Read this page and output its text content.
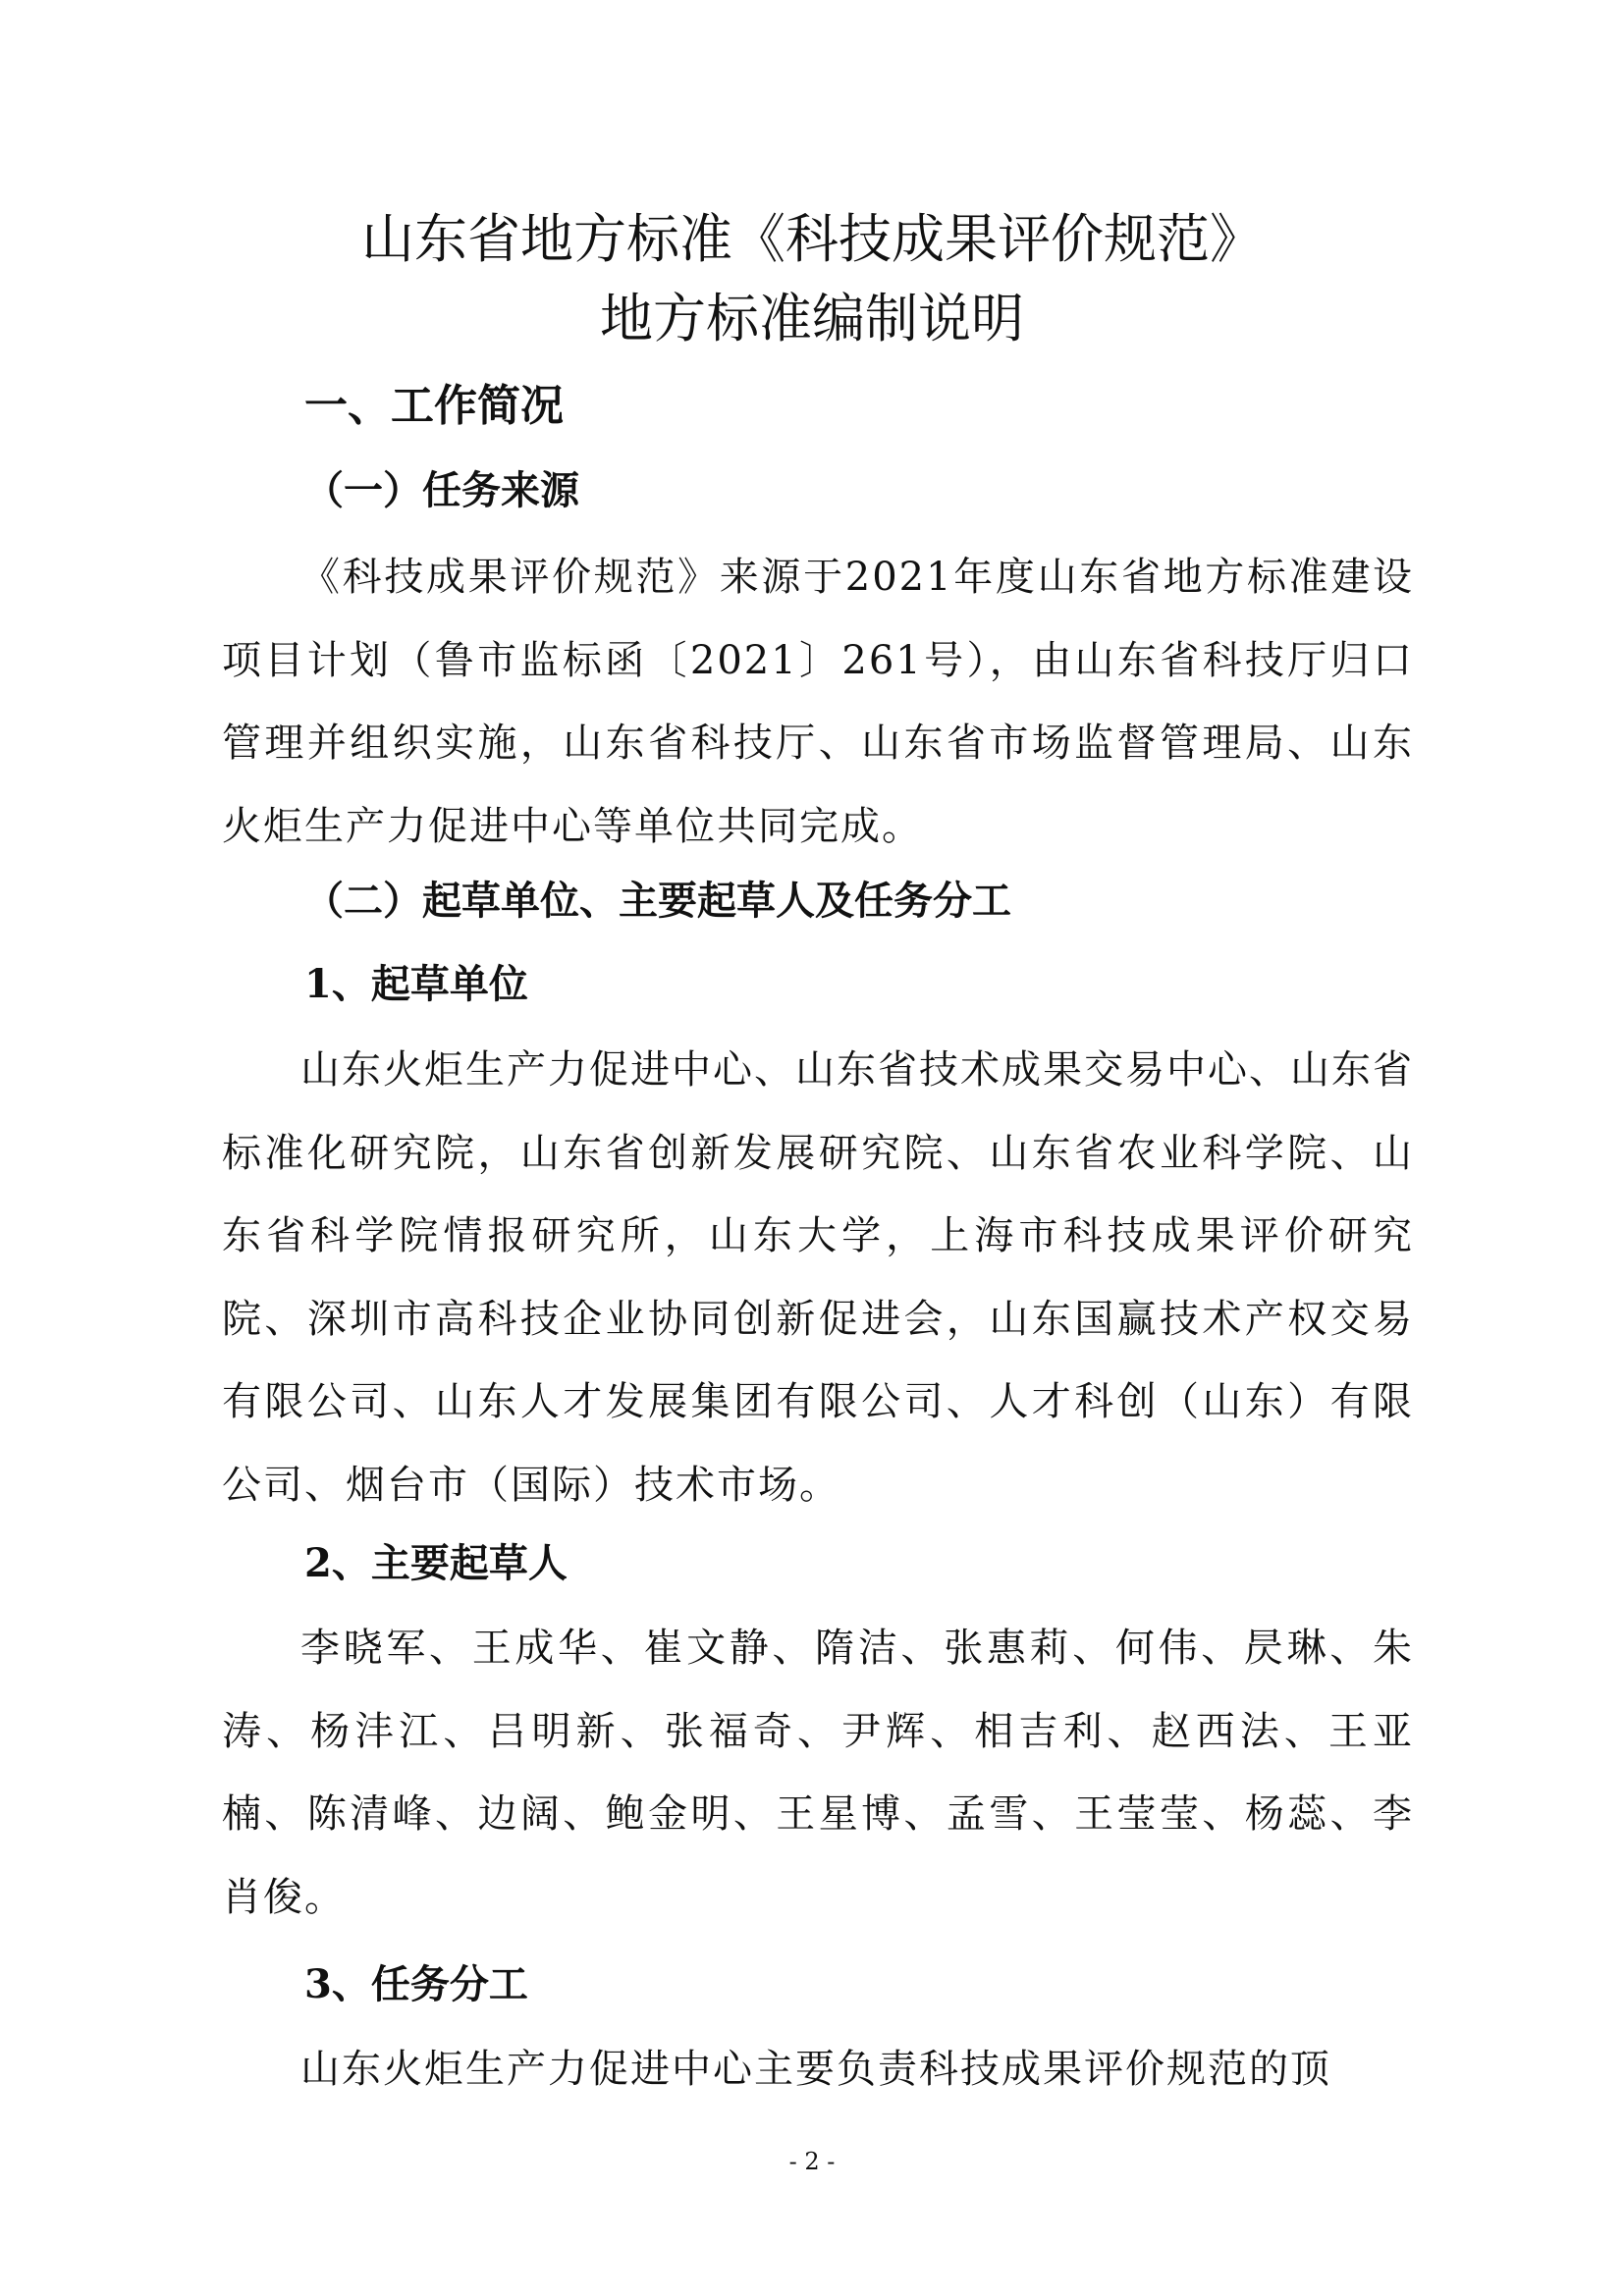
山东省地方标准《科技成果评价规范》
地方标准编制说明
一、工作简况
（一）任务来源

《科技成果评价规范》来源于2021年度山东省地方标准建设项目计划（鲁市监标函〔2021〕261号），由山东省科技厅归口管理并组织实施，山东省科技厅、山东省市场监督管理局、山东火炬生产力促进中心等单位共同完成。

（二）起草单位、主要起草人及任务分工
1、起草单位

山东火炬生产力促进中心、山东省技术成果交易中心、山东省标准化研究院，山东省创新发展研究院、山东省农业科学院、山东省科学院情报研究所，山东大学，上海市科技成果评价研究院、深圳市高科技企业协同创新促进会，山东国赢技术产权交易有限公司、山东人才发展集团有限公司、人才科创（山东）有限公司、烟台市（国际）技术市场。

2、主要起草人

李晓军、王成华、崔文静、隋洁、张惠莉、何伟、昃琳、朱涛、杨沣江、吕明新、张福奇、尹辉、相吉利、赵西法、王亚楠、陈清峰、边阔、鲍金明、王星博、孟雪、王莹莹、杨蕊、李肖俊。

3、任务分工

山东火炬生产力促进中心主要负责科技成果评价规范的顶

- 2 -
